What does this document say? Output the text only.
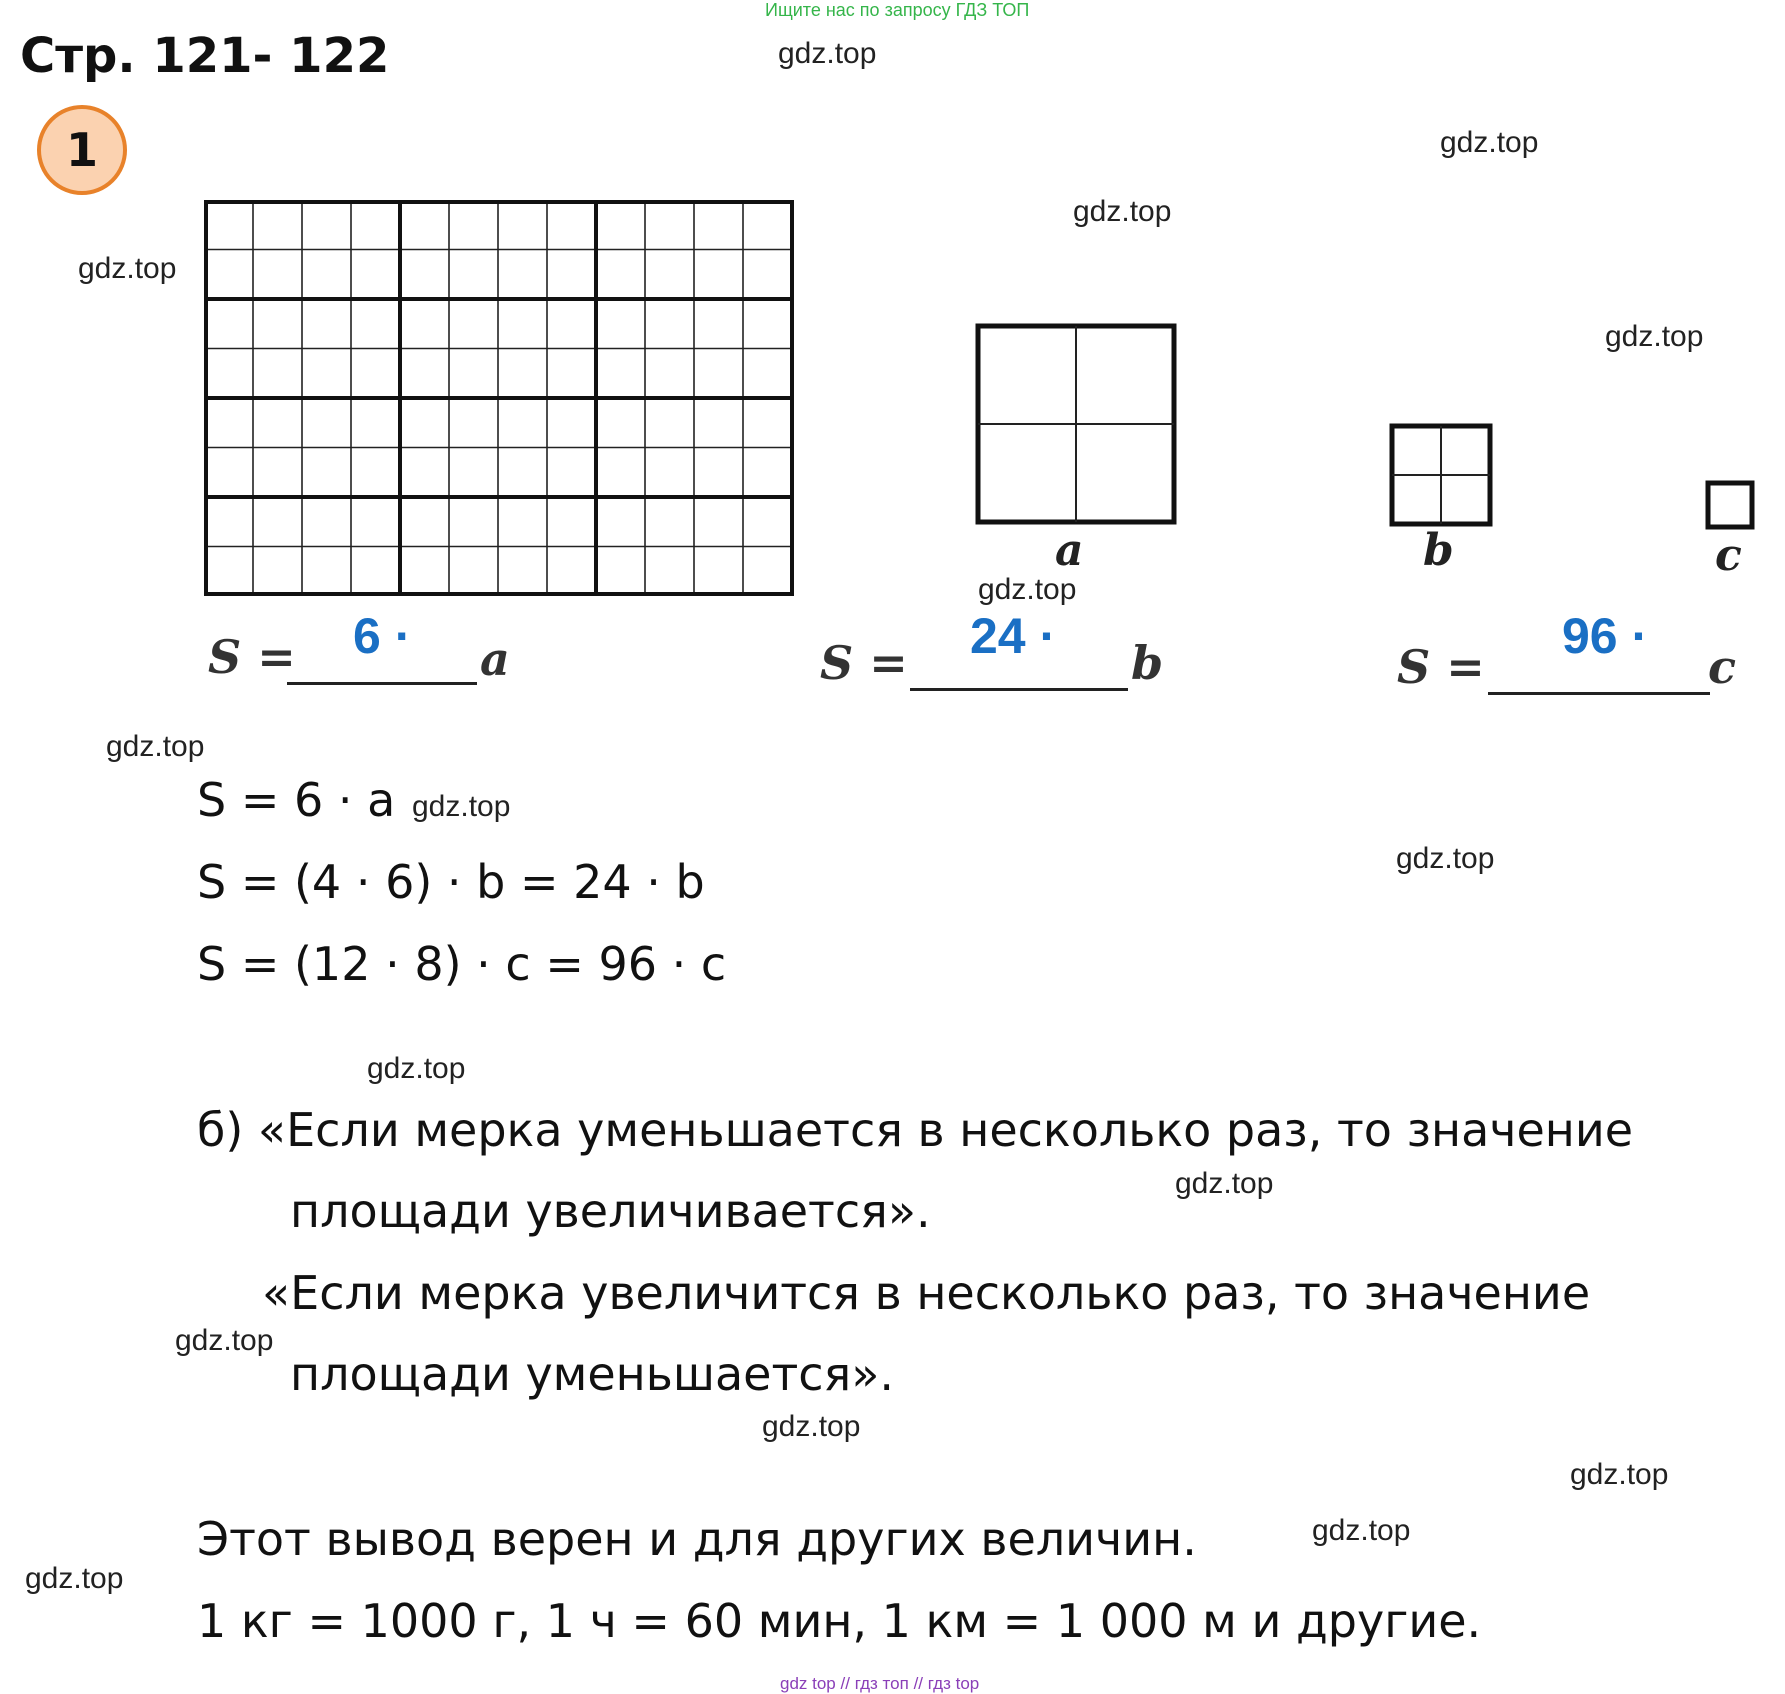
Ищите нас по запросу ГДЗ ТОП
Стр. 121- 122
1
gdz.top
gdz.top
gdz.top
gdz.top
gdz.top
gdz.top
gdz.top
gdz.top
gdz.top
gdz.top
gdz.top
gdz.top
gdz.top
gdz.top
gdz.top
gdz.top
a	b	c
S = 6 · a	S = 24 · b	S =
96 ·
c
S = 6 · a
S = (4 · 6) · b = 24 · b
S = (12 · 8) · c = 96 · c
б) «Если мерка уменьшается в несколько раз, то значение
площади увеличивается».
«Если мерка увеличится в несколько раз, то значение
площади уменьшается».
Этот вывод верен и для других величин.
1 кг = 1000 г, 1 ч = 60 мин, 1 км = 1 000 м и другие.
gdz top // гдз топ // гдз top
